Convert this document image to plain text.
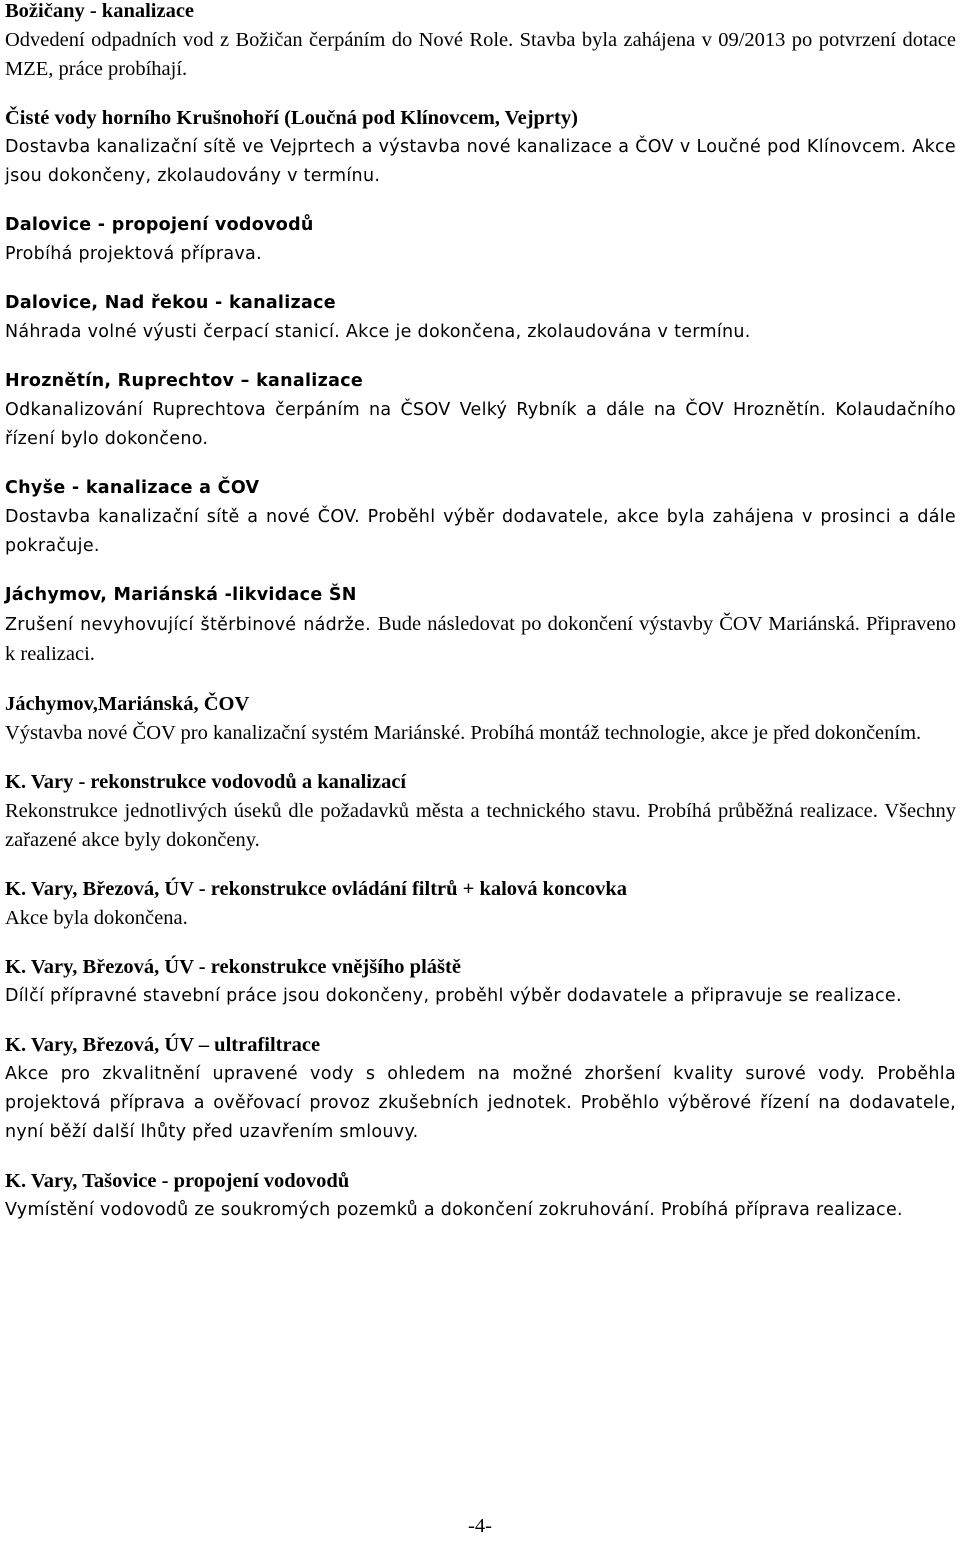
Božičany - kanalizace

Odvedení odpadních vod z Božičan čerpáním do Nové Role. Stavba byla zahájena v 09/2013 po potvrzení dotace MZE, práce probíhají.

Čisté vody horního Krušnohoří (Loučná pod Klínovcem, Vejprty)

Dostavba kanalizační sítě ve Vejprtech a výstavba nové kanalizace a ČOV v Loučné pod Klínovcem. Akce jsou dokončeny, zkolaudovány v termínu.

Dalovice - propojení vodovodů

Probíhá projektová příprava.

Dalovice, Nad řekou - kanalizace

Náhrada volné výusti čerpací stanicí. Akce je dokončena, zkolaudována v termínu.

Hroznětín, Ruprechtov – kanalizace

Odkanalizování Ruprechtova čerpáním na ČSOV Velký Rybník a dále na ČOV Hroznětín. Kolaudačního řízení bylo dokončeno.

Chyše - kanalizace a ČOV

Dostavba kanalizační sítě a nové ČOV. Proběhl výběr dodavatele, akce byla zahájena v prosinci a dále pokračuje.

Jáchymov, Mariánská -likvidace ŠN

Zrušení nevyhovující štěrbinové nádrže. Bude následovat po dokončení výstavby ČOV Mariánská. Připraveno k realizaci.

Jáchymov,Mariánská, ČOV

Výstavba nové ČOV pro kanalizační systém Mariánské. Probíhá montáž technologie, akce je před dokončením.

K. Vary - rekonstrukce vodovodů a kanalizací

Rekonstrukce jednotlivých úseků dle požadavků města a technického stavu. Probíhá průběžná realizace. Všechny zařazené akce byly dokončeny.

K. Vary, Březová, ÚV - rekonstrukce ovládání filtrů + kalová koncovka

Akce byla dokončena.

K. Vary, Březová, ÚV - rekonstrukce vnějšího pláště

Dílčí přípravné stavební práce jsou dokončeny, proběhl výběr dodavatele a připravuje se realizace.

K. Vary, Březová, ÚV – ultrafiltrace

Akce pro zkvalitnění upravené vody s ohledem na možné zhoršení kvality surové vody. Proběhla projektová příprava a ověřovací provoz zkušebních jednotek. Proběhlo výběrové řízení na dodavatele, nyní běží další lhůty před uzavřením smlouvy.

K. Vary, Tašovice - propojení vodovodů

Vymístění vodovodů ze soukromých pozemků a dokončení zokruhování. Probíhá příprava realizace.

-4-
